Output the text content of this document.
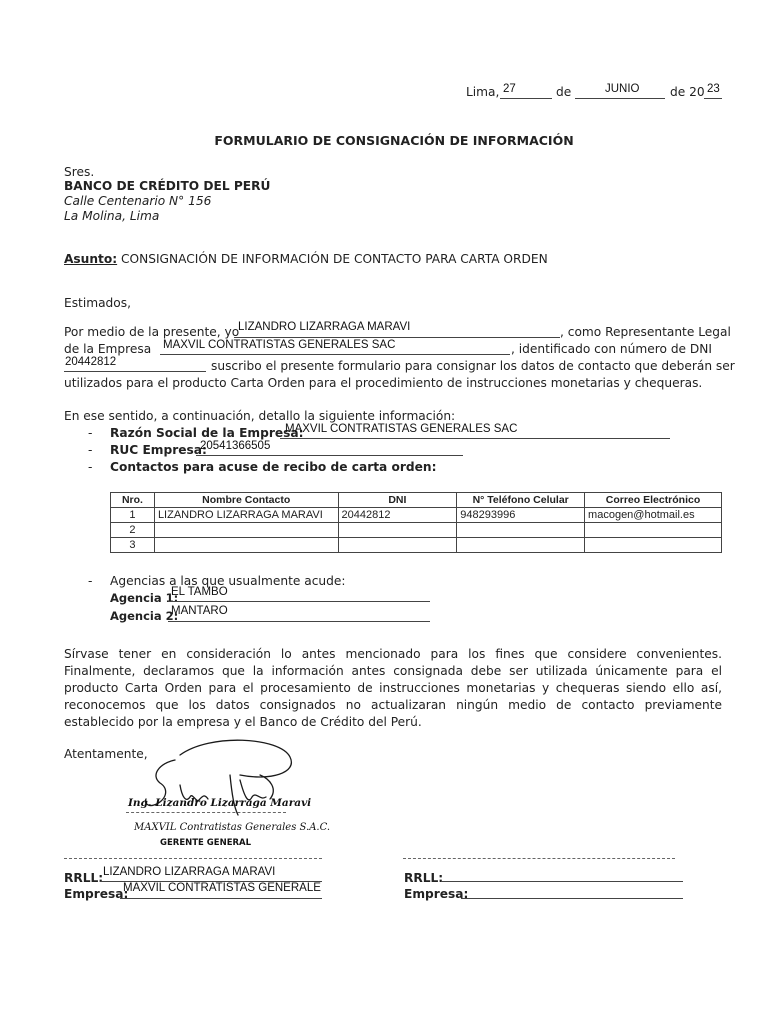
Lima, 27	de	JUNIO	de 20 23
FORMULARIO DE CONSIGNACIÓN DE INFORMACIÓN
Sres.
BANCO DE CRÉDITO DEL PERÚ
Calle Centenario N° 156
La Molina, Lima
Asunto: CONSIGNACIÓN DE INFORMACIÓN DE CONTACTO PARA CARTA ORDEN
Estimados,
Por medio de la presente, yo
LIZANDRO LIZARRAGA MARAVI	, como Representante Legal
de la Empresa MAXVIL CONTRATISTAS GENERALES SAC	, identificado con número de DNI
20442812	suscribo el presente formulario para consignar los datos de contacto que deberán ser
utilizados para el producto Carta Orden para el procedimiento de instrucciones monetarias y chequeras.
En ese sentido, a continuación, detallo la siguiente información:
- Razón Social de la Empresa:
MAXVIL CONTRATISTAS GENERALES SAC
- RUC Empresa:
20541366505
- Contactos para acuse de recibo de carta orden:
Nro.	Nombre Contacto	DNI	N° Teléfono Celular	Correo Electrónico
1	LIZANDRO LIZARRAGA MARAVI	20442812	948293996	macogen@hotmail.es
2				
3				
- Agencias a las que usualmente acude:
Agencia 1:
EL TAMBO
Agencia 2:
MANTARO
Sírvase tener en consideración lo antes mencionado para los fines que considere convenientes. Finalmente, declaramos que la información antes consignada debe ser utilizada únicamente para el producto Carta Orden para el procesamiento de instrucciones monetarias y chequeras siendo ello así, reconocemos que los datos consignados no actualizaran ningún medio de contacto previamente establecido por la empresa y el Banco de Crédito del Perú.
Atentamente,
Ing. Lizandro Lizarraga Maravi
MAXVIL Contratistas Generales S.A.C.
GERENTE GENERAL
RRLL: LIZANDRO LIZARRAGA MARAVI
Empresa:
MAXVIL CONTRATISTAS GENERALE
RRLL:
Empresa:
